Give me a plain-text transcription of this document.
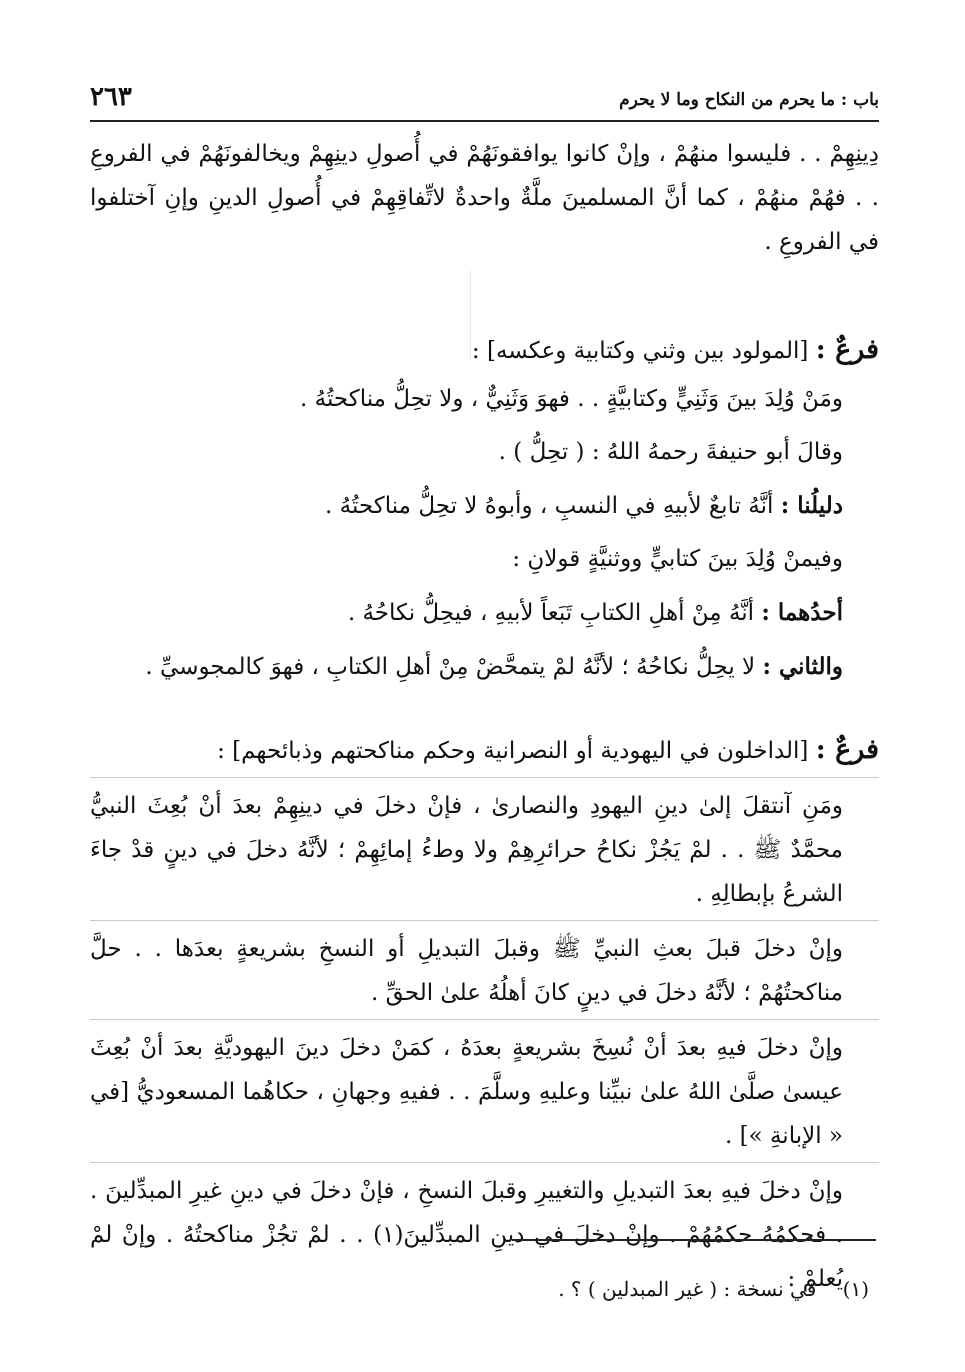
باب : ما يحرم من النكاح وما لا يحرم
٢٦٣

دِينِهِمْ . . فليسوا منهُمْ ، وإنْ كانوا يوافقونَهُمْ في أُصولِ دينِهِمْ ويخالفونَهُمْ في الفروعِ . . فهُمْ منهُمْ ، كما أنَّ المسلمينَ ملَّةٌ واحدةٌ لاتِّفاقِهِمْ في أُصولِ الدينِ وإنِ آختلفوا في الفروعِ .

فرعٌ : [المولود بين وثني وكتابية وعكسه] :

ومَنْ وُلِدَ بينَ وَثَنِيٍّ وكتابيَّةٍ . . فهوَ وَثَنِيٌّ ، ولا تحِلُّ مناكحتُهُ .

وقالَ أبو حنيفةَ رحمهُ اللهُ : ( تحِلُّ ) .

دليلُنا : أنَّهُ تابعٌ لأبيهِ في النسبِ ، وأبوهُ لا تحِلُّ مناكحتُهُ .

وفيمنْ وُلِدَ بينَ كتابيٍّ ووثنيَّةٍ قولانِ :

أحدُهما : أنَّهُ مِنْ أهلِ الكتابِ تَبَعاً لأبيهِ ، فيحِلُّ نكاحُهُ .

والثاني : لا يحِلُّ نكاحُهُ ؛ لأنَّهُ لمْ يتمحَّضْ مِنْ أهلِ الكتابِ ، فهوَ كالمجوسيِّ .

فرعٌ : [الداخلون في اليهودية أو النصرانية وحكم مناكحتهم وذبائحهم] :

ومَنِ آنتقلَ إلىٰ دينِ اليهودِ والنصارىٰ ، فإنْ دخلَ في دينِهِمْ بعدَ أنْ بُعِثَ النبيُّ محمَّدٌ ﷺ . . لمْ يَجُزْ نكاحُ حرائرِهِمْ ولا وطءُ إمائِهِمْ ؛ لأنَّهُ دخلَ في دينٍ قدْ جاءَ الشرعُ بإبطالِهِ .

وإنْ دخلَ قبلَ بعثِ النبيِّ ﷺ وقبلَ التبديلِ أو النسخِ بشريعةٍ بعدَها . . حلَّ مناكحتُهُمْ ؛ لأنَّهُ دخلَ في دينٍ كانَ أهلُهُ علىٰ الحقِّ .

وإنْ دخلَ فيهِ بعدَ أنْ نُسِخَ بشريعةٍ بعدَهُ ، كمَنْ دخلَ دينَ اليهوديَّةِ بعدَ أنْ بُعِثَ عيسىٰ صلَّىٰ اللهُ علىٰ نبيِّنا وعليهِ وسلَّمَ . . ففيهِ وجهانِ ، حكاهُما المسعوديُّ [في « الإبانةِ »] .

وإنْ دخلَ فيهِ بعدَ التبديلِ والتغييرِ وقبلَ النسخِ ، فإنْ دخلَ في دينِ غيرِ المبدِّلينَ . . فحكمُهُ حكمُهُمْ . وإنْ دخلَ في دينِ المبدِّلينَ(١) . . لمْ تجُزْ مناكحتُهُ . وإنْ لمْ يُعلمْ : (١) في نسخة : ( غير المبدلين ) ؟ .
